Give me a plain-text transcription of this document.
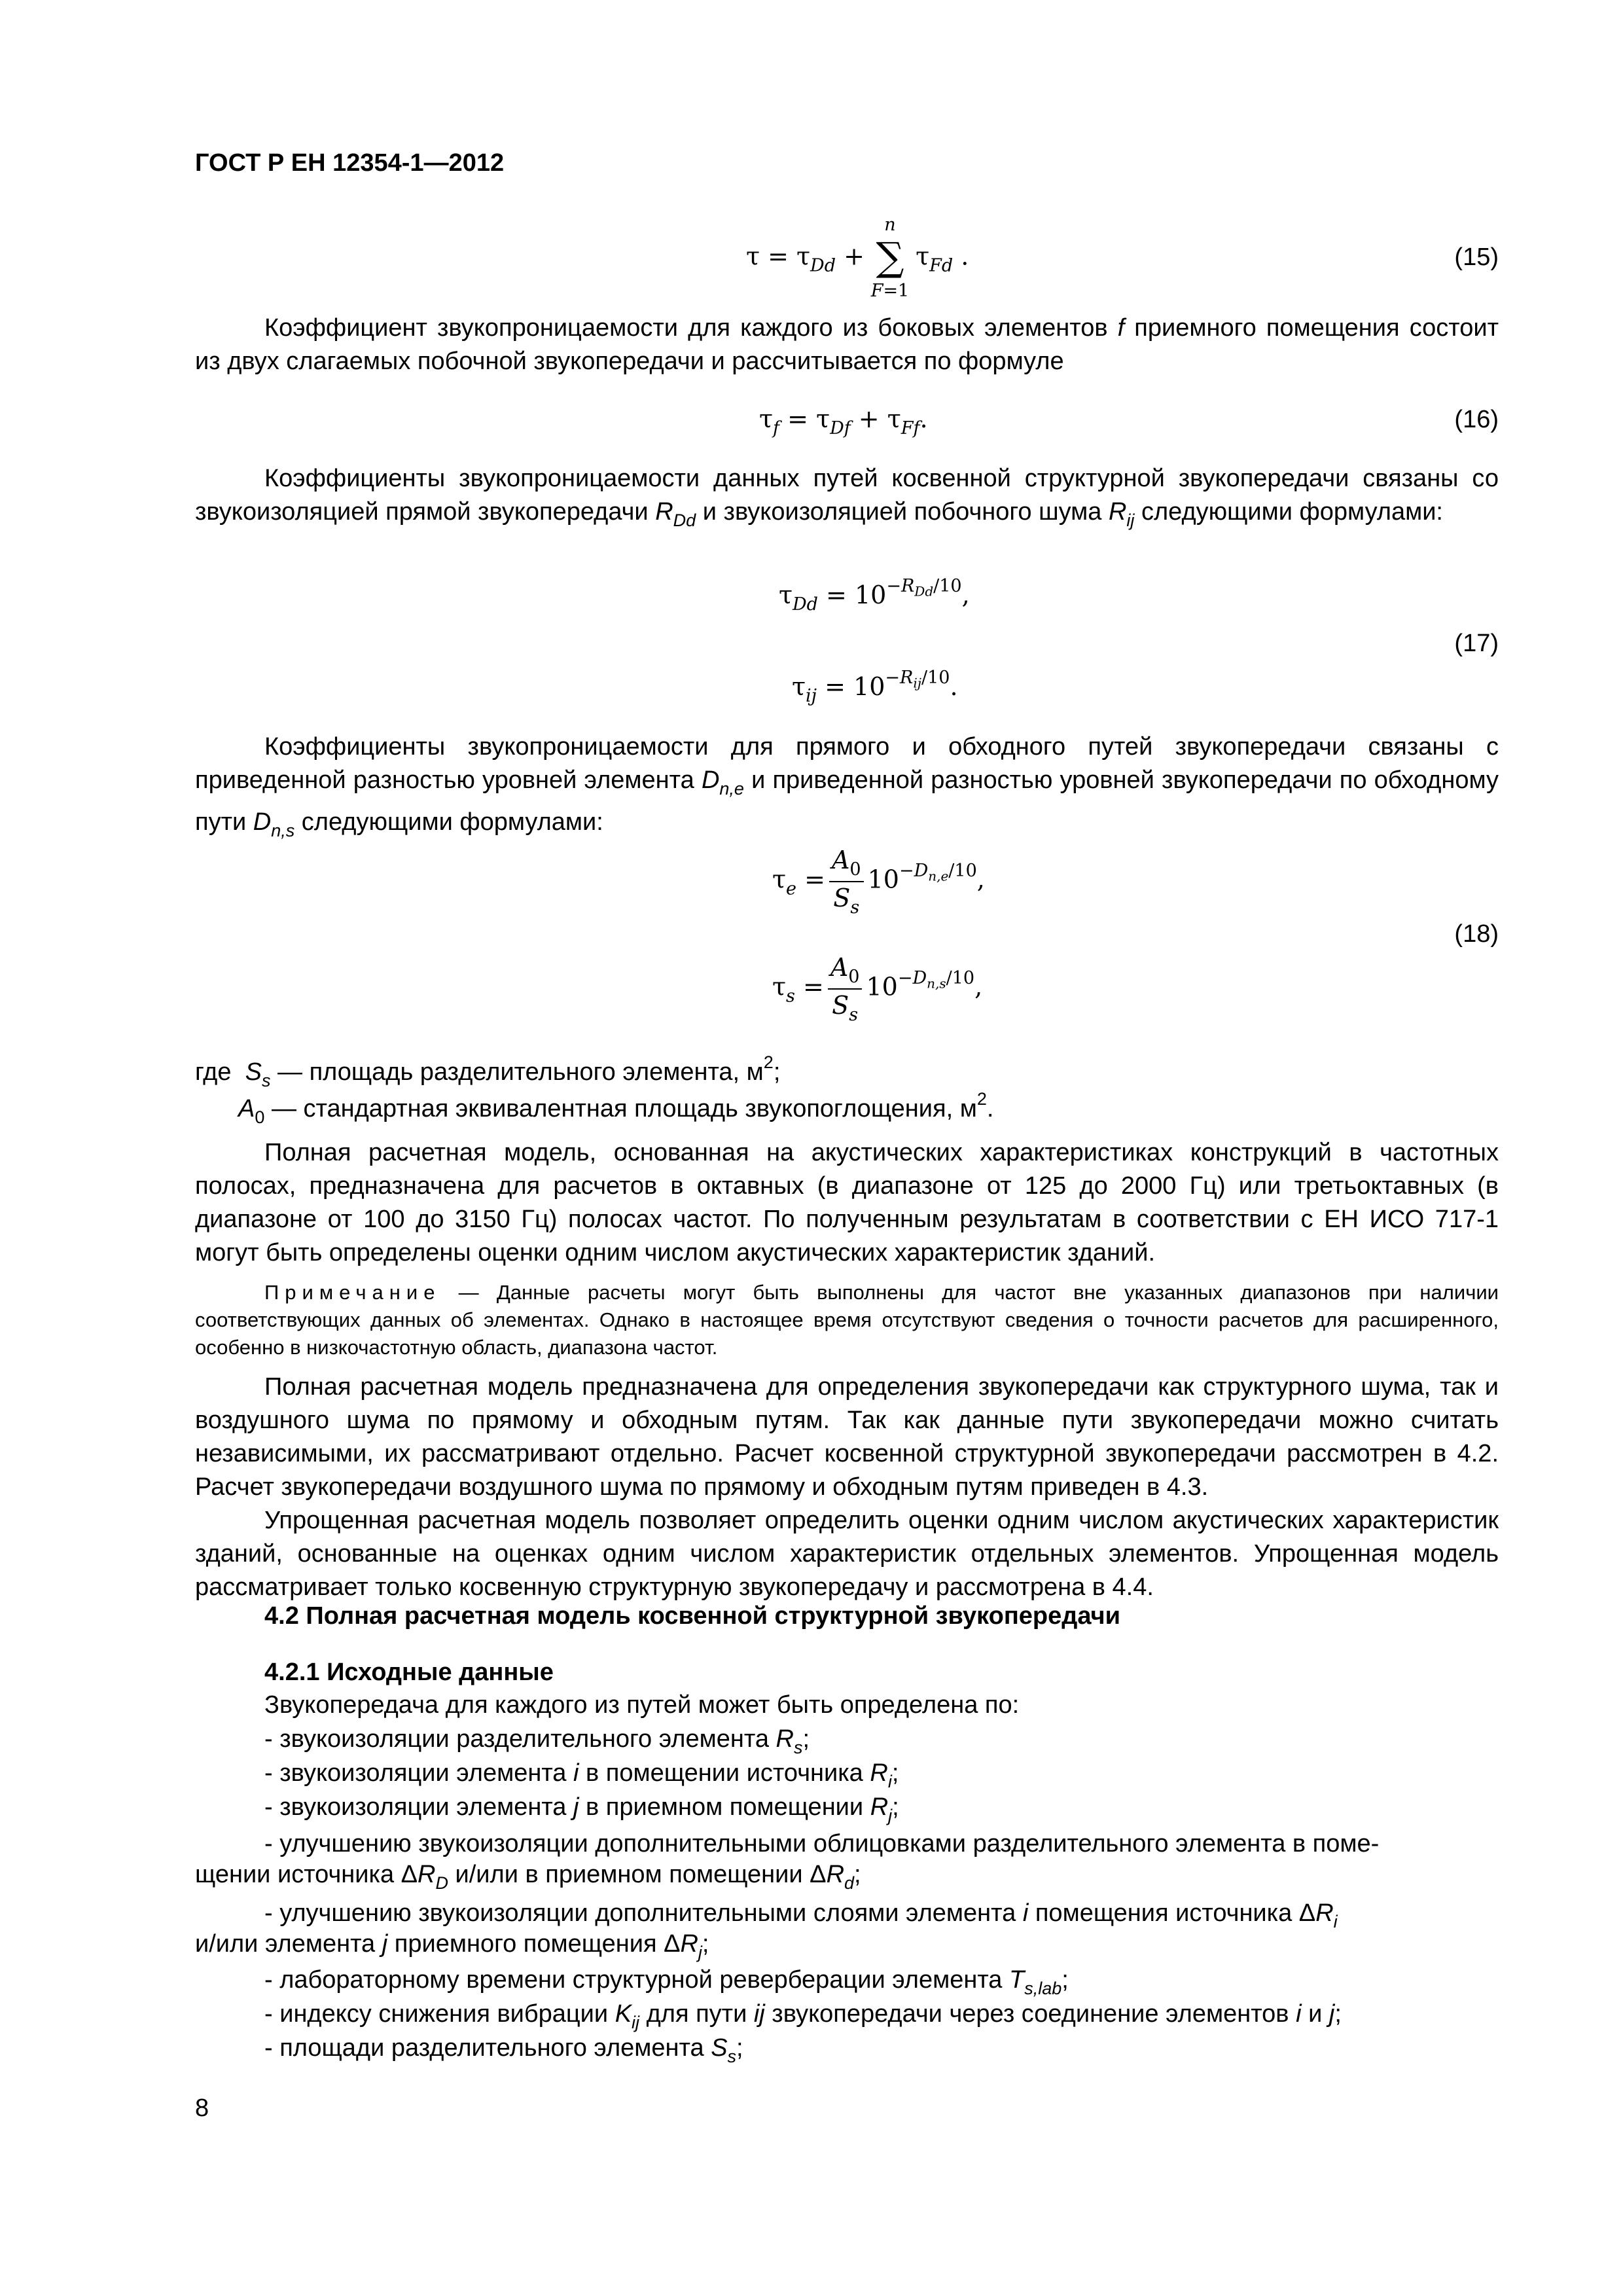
ГОСТ Р ЕН 12354-1—2012
$\tau = \tau_{Dd}$ +
n
∑
F=1
$\tau_{Fd}$ .	(15)

Коэффициент звукопроницаемости для каждого из боковых элементов f приемного помещения состоит из двух слагаемых побочной звукопередачи и рассчитывается по формуле

$\tau_f = \tau_{Df} + \tau_{Ff}$.	(16)

Коэффициенты звукопроницаемости данных путей косвенной структурной звукопередачи связаны со звукоизоляцией прямой звукопередачи $R_{Dd}$ и звукоизоляцией побочного шума $R_{ij}$ следующими формулами:

$\tau_{Dd} = 10^{-R_{Dd}/10}$,
$\tau_{ij} = 10^{-R_{ij}/10}$.
(17)

Коэффициенты звукопроницаемости для прямого и обходного путей звукопередачи связаны с приведенной разностью уровней элемента $D_{n,e}$ и приведенной разностью уровней звукопередачи по обходному пути $D_{n,s}$ следующими формулами:

$\tau_e = \frac{A_0}{S_s} 10^{-D_{n,e}/10}$,
$\tau_s = \frac{A_0}{S_s} 10^{-D_{n,s}/10}$,
(18)
где $S_s$ — площадь разделительного элемента, $м^2$;
$A_0$ — стандартная эквивалентная площадь звукопоглощения, $м^2$.

Полная расчетная модель, основанная на акустических характеристиках конструкций в частотных полосах, предназначена для расчетов в октавных (в диапазоне от 125 до 2000 Гц) или третьоктавных (в диапазоне от 100 до 3150 Гц) полосах частот. По полученным результатам в соответствии с ЕН ИСО 717-1 могут быть определены оценки одним числом акустических характеристик зданий.

Примечание — Данные расчеты могут быть выполнены для частот вне указанных диапазонов при наличии соответствующих данных об элементах. Однако в настоящее время отсутствуют сведения о точности расчетов для расширенного, особенно в низкочастотную область, диапазона частот.

Полная расчетная модель предназначена для определения звукопередачи как структурного шума, так и воздушного шума по прямому и обходным путям. Так как данные пути звукопередачи можно считать независимыми, их рассматривают отдельно. Расчет косвенной структурной звукопередачи рассмотрен в 4.2. Расчет звукопередачи воздушного шума по прямому и обходным путям приведен в 4.3.

Упрощенная расчетная модель позволяет определить оценки одним числом акустических характеристик зданий, основанные на оценках одним числом характеристик отдельных элементов. Упрощенная модель рассматривает только косвенную структурную звукопередачу и рассмотрена в 4.4.

4.2 Полная расчетная модель косвенной структурной звукопередачи
4.2.1 Исходные данные
Звукопередача для каждого из путей может быть определена по:
- звукоизоляции разделительного элемента $R_s$;
- звукоизоляции элемента i в помещении источника $R_i$;
- звукоизоляции элемента j в приемном помещении $R_j$;
- улучшению звукоизоляции дополнительными облицовками разделительного элемента в поме-
щении источника $\Delta R_D$ и/или в приемном помещении $\Delta R_d$;
- улучшению звукоизоляции дополнительными слоями элемента i помещения источника $\Delta R_i$
и/или элемента j приемного помещения $\Delta R_j$;
- лабораторному времени структурной реверберации элемента $T_{s,lab}$;
- индексу снижения вибрации $K_{ij}$ для пути ij звукопередачи через соединение элементов i и j;
- площади разделительного элемента $S_s$;
8
